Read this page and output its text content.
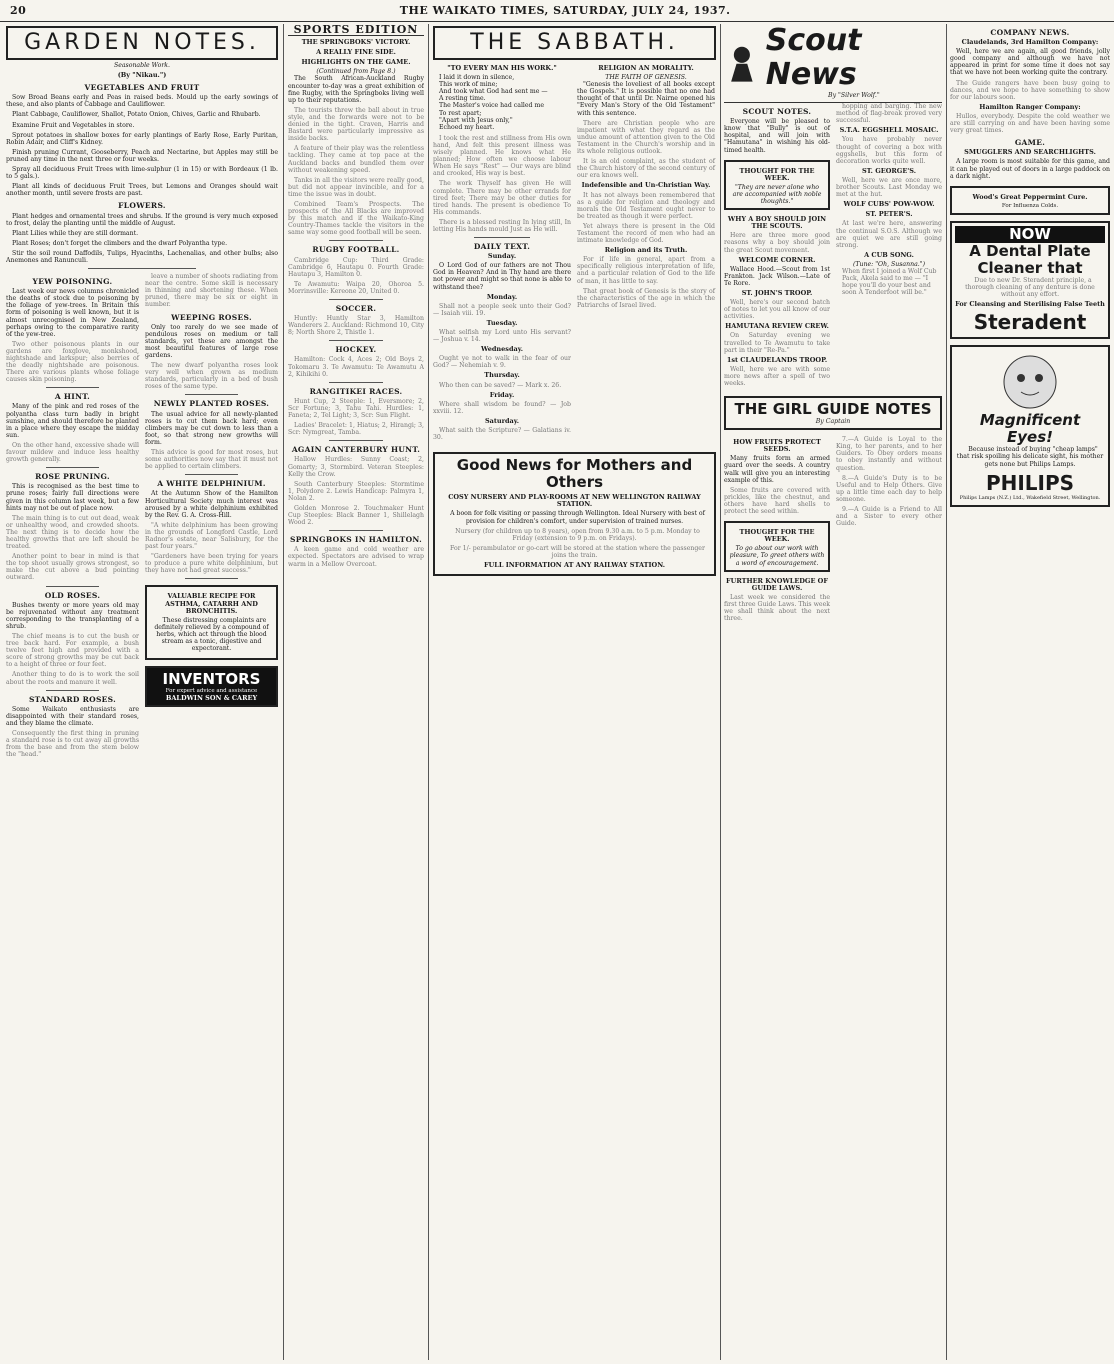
20	THE WAIKATO TIMES, SATURDAY, JULY 24, 1937.
GARDEN NOTES.
Seasonable Work.
(By "Nikau.")
VEGETABLES AND FRUIT

Sow Broad Beans early and Peas in raised beds. Mould up the early sowings of these, and also plants of Cabbage and Cauliflower.

Plant Cabbage, Cauliflower, Shallot, Potato Onion, Chives, Garlic and Rhubarb.

Examine Fruit and Vegetables in store.

Sprout potatoes in shallow boxes for early plantings of Early Rose, Early Puritan, Robin Adair, and Cliff's Kidney.

Finish pruning Currant, Gooseberry, Peach and Nectarine, but Apples may still be pruned any time in the next three or four weeks.

Spray all deciduous Fruit Trees with lime-sulphur (1 in 15) or with Bordeaux (1 lb. to 5 gals.).

Plant all kinds of deciduous Fruit Trees, but Lemons and Oranges should wait another month, until severe frosts are past.

FLOWERS.

Plant hedges and ornamental trees and shrubs. If the ground is very much exposed to frost, delay the planting until the middle of August.

Plant Lilies while they are still dormant.

Plant Roses; don't forget the climbers and the dwarf Polyantha type.

Stir the soil round Daffodils, Tulips, Hyacinths, Lachenalias, and other bulbs; also Anemones and Ranunculi.

YEW POISONING.

Last week our news columns chronicled the deaths of stock due to poisoning by the foliage of yew-trees. In Britain this form of poisoning is well known, but it is almost unrecognised in New Zealand, perhaps owing to the comparative rarity of the yew-tree.

Two other poisonous plants in our gardens are foxglove, monkshood, nightshade and larkspur; also berries of the deadly nightshade are poisonous. There are various plants whose foliage causes skin poisoning.

A HINT.

Many of the pink and red roses of the polyantha class turn badly in bright sunshine, and should therefore be planted in a place where they escape the midday sun.

On the other hand, excessive shade will favour mildew and induce less healthy growth generally.

ROSE PRUNING.

This is recognised as the best time to prune roses; fairly full directions were given in this column last week, but a few hints may not be out of place now.

The main thing is to cut out dead, weak or unhealthy wood, and crowded shoots. The next thing is to decide how the healthy growths that are left should be treated.

Another point to bear in mind is that the top shoot usually grows strongest, so make the cut above a bud pointing outward.

OLD ROSES.

Bushes twenty or more years old may be rejuvenated without any treatment corresponding to the transplanting of a shrub.

The chief means is to cut the bush or tree back hard. For example, a bush twelve feet high and provided with a score of strong growths may be cut back to a height of three or four feet.

Another thing to do is to work the soil about the roots and manure it well.

STANDARD ROSES.

Some Waikato enthusiasts are disappointed with their standard roses, and they blame the climate.

Consequently the first thing in pruning a standard rose is to cut away all growths from the base and from the stem below the "head."

leave a number of shoots radiating from near the centre. Some skill is necessary in thinning and shortening these. When pruned, there may be six or eight in number.

WEEPING ROSES.

Only too rarely do we see made of pendulous roses on medium or tall standards, yet these are amongst the most beautiful features of large rose gardens.

The new dwarf polyantha roses look very well when grown as medium standards, particularly in a bed of bush roses of the same type.

NEWLY PLANTED ROSES.

The usual advice for all newly-planted roses is to cut them back hard; even climbers may be cut down to less than a foot, so that strong new growths will form.

This advice is good for most roses, but some authorities now say that it must not be applied to certain climbers.

A WHITE DELPHINIUM.

At the Autumn Show of the Hamilton Horticultural Society much interest was aroused by a white delphinium exhibited by the Rev. G. A. Cross-Hill.

"A white delphinium has been growing in the grounds of Longford Castle, Lord Radnor's estate, near Salisbury, for the past four years."

"Gardeners have been trying for years to produce a pure white delphinium, but they have not had great success."

VALUABLE RECIPE FOR ASTHMA, CATARRH AND BRONCHITIS.

These distressing complaints are definitely relieved by a compound of herbs, which act through the blood stream as a tonic, digestive and expectorant.

INVENTORS
For expert advice and assistance
BALDWIN SON & CAREY
SPORTS EDITION
THE SPRINGBOKS' VICTORY.
A REALLY FINE SIDE.
HIGHLIGHTS ON THE GAME.
(Continued from Page 8.)

The South African-Auckland Rugby encounter to-day was a great exhibition of fine Rugby, with the Springboks living well up to their reputations.

The tourists threw the ball about in true style, and the forwards were not to be denied in the tight. Craven, Harris and Bastard were particularly impressive as inside backs.

A feature of their play was the relentless tackling. They came at top pace at the Auckland backs and bundled them over without weakening speed.

Tanks in all the visitors were really good, but did not appear invincible, and for a time the issue was in doubt.

Combined Team's Prospects. The prospects of the All Blacks are improved by this match and if the Waikato-King Country-Thames tackle the visitors in the same way some good football will be seen.

RUGBY FOOTBALL.

Cambridge Cup: Third Grade: Cambridge 6, Hautapu 0. Fourth Grade: Hautapu 3, Hamilton 0.

Te Awamutu: Waipa 20, Ohoroa 5. Morrinsville: Kereone 20, United 0.

SOCCER.

Huntly: Huntly Star 3, Hamilton Wanderers 2. Auckland: Richmond 10, City 8; North Shore 2, Thistle 1.

HOCKEY.

Hamilton: Cock 4, Aces 2; Old Boys 2, Tokomaru 3. Te Awamutu: Te Awamutu A 2, Kihikihi 0.

RANGITIKEI RACES.

Hunt Cup, 2 Steeple: 1, Eversmore; 2, Scr Fortune; 3, Tahu Tahi. Hurdles: 1, Faneta; 2, Tel Light; 3, Scr: Sun Flight.

Ladies' Bracelet: 1, Hiatus; 2, Hirangi; 3, Scr: Nymgreat, Tamba.

AGAIN CANTERBURY HUNT.

Hallow Hurdles: Sunny Coast; 2, Gomarty; 3, Stormbird. Veteran Steeples: Kelly the Crow.

South Canterbury Steeples: Stormtime 1, Polydore 2. Lewis Handicap: Palmyra 1, Nolan 2.

Golden Monrose 2. Touchmaker Hunt Cup Steeples: Black Banner 1, Shillelagh Wood 2.

SPRINGBOKS IN HAMILTON.

A keen game and cold weather are expected. Spectators are advised to wrap warm in a Mellow Overcoat.

THE SABBATH.
"TO EVERY MAN HIS WORK."
I laid it down in silence,
This work of mine;
And took what God had sent me —
A resting time.
The Master's voice had called me
To rest apart;
"Apart with Jesus only,"
Echoed my heart.

I took the rest and stillness from His own hand, And felt this present illness was wisely planned. He knows what He planned; How often we choose labour When He says "Rest" — Our ways are blind and crooked, His way is best.

The work Thyself has given He will complete. There may be other errands for tired feet; There may be other duties for tired hands. The present is obedience To His commands.

There is a blessed resting In lying still, In letting His hands mould Just as He will.

DAILY TEXT.
Sunday.

O Lord God of our fathers are not Thou God in Heaven? And in Thy hand are there not power and might so that none is able to withstand thee?

Monday.

Shall not a people seek unto their God? — Isaiah viii. 19.

Tuesday.

What selfish my Lord unto His servant? — Joshua v. 14.

Wednesday.

Ought ye not to walk in the fear of our God? — Nehemiah v. 9.

Thursday.

Who then can be saved? — Mark x. 26.

Friday.

Where shall wisdom be found? — Job xxviii. 12.

Saturday.

What saith the Scripture? — Galatians iv. 30.

RELIGION AN MORALITY.
THE FAITH OF GENESIS.

"Genesis the loveliest of all books except the Gospels." It is possible that no one had thought of that until Dr. Nairne opened his "Every Man's Story of the Old Testament" with this sentence.

There are Christian people who are impatient with what they regard as the undue amount of attention given to the Old Testament in the Church's worship and in its whole religious outlook.

It is an old complaint, as the student of the Church history of the second century of our era knows well.

Indefensible and Un-Christian Way.

It has not always been remembered that as a guide for religion and theology and morals the Old Testament ought never to be treated as though it were perfect.

Yet always there is present in the Old Testament the record of men who had an intimate knowledge of God.

Religion and its Truth.

For if life in general, apart from a specifically religious interpretation of life, and a particular relation of God to the life of man, it has little to say.

That great book of Genesis is the story of the characteristics of the age in which the Patriarchs of Israel lived.

Good News for Mothers and Others
COSY NURSERY AND PLAY-ROOMS AT NEW WELLINGTON RAILWAY STATION.

A boon for folk visiting or passing through Wellington. Ideal Nursery with best of provision for children's comfort, under supervision of trained nurses.

Nursery (for children up to 8 years), open from 9.30 a.m. to 5 p.m. Monday to Friday (extension to 9 p.m. on Fridays).

For 1/- perambulator or go-cart will be stored at the station where the passenger joins the train.

FULL INFORMATION AT ANY RAILWAY STATION.
Scout News
By "Silver Wolf."
SCOUT NOTES.

Everyone will be pleased to know that "Bully" is out of hospital, and will join with "Hamutana" in wishing his old-timed health.

THOUGHT FOR THE WEEK.
"They are never alone who are accompanied with noble thoughts."
WHY A BOY SHOULD JOIN THE SCOUTS.

Here are three more good reasons why a boy should join the great Scout movement.

WELCOME CORNER.

Wallace Hood.—Scout from 1st Frankton. Jack Wilson.—Late of Te Rore.

ST. JOHN'S TROOP.

Well, here's our second batch of notes to let you all know of our activities.

HAMUTANA REVIEW CREW.

On Saturday evening we travelled to Te Awamutu to take part in their "Re-Pa."

1st CLAUDELANDS TROOP.

Well, here we are with some more news after a spell of two weeks.

hopping and barging. The new method of flag-break proved very successful.

S.T.A. EGGSHELL MOSAIC.

You have probably never thought of covering a box with eggshells, but this form of decoration works quite well.

ST. GEORGE'S.

Well, here we are once more, brother Scouts. Last Monday we met at the hut.

WOLF CUBS' POW-WOW.
ST. PETER'S.

At last we're here, answering the continual S.O.S. Although we are quiet we are still going strong.

A CUB SONG.
(Tune: "Oh, Susanna.")

When first I joined a Wolf Cub Pack, Akela said to me — "I hope you'll do your best and soon A Tenderfoot will be."

THE GIRL GUIDE NOTES
By Captain
HOW FRUITS PROTECT SEEDS.

Many fruits form an armed guard over the seeds. A country walk will give you an interesting example of this.

Some fruits are covered with prickles, like the chestnut, and others have hard shells to protect the seed within.

THOUGHT FOR THE WEEK.
To go about our work with pleasure, To greet others with a word of encouragement.
FURTHER KNOWLEDGE OF GUIDE LAWS.

Last week we considered the first three Guide Laws. This week we shall think about the next three.

7.—A Guide is Loyal to the King, to her parents, and to her Guiders. To Obey orders means to obey instantly and without question.

8.—A Guide's Duty is to be Useful and to Help Others. Give up a little time each day to help someone.

9.—A Guide is a Friend to All and a Sister to every other Guide.

COMPANY NEWS.
Claudelands, 3rd Hamilton Company:

Well, here we are again, all good friends, jolly good company and although we have not appeared in print for some time it does not say that we have not been working quite the contrary.

The Guide rangers have been busy going to dances, and we hope to have something to show for our labours soon.

Hamilton Ranger Company:

Hullos, everybody. Despite the cold weather we are still carrying on and have been having some very great times.

GAME.
SMUGGLERS AND SEARCHLIGHTS.

A large room is most suitable for this game, and it can be played out of doors in a large paddock on a dark night.

Wood's Great Peppermint Cure.
For Influenza Colds.
NOW
A Dental Plate
Cleaner that

Due to new Dr. Steradent principle, a thorough cleaning of any denture is done without any effort.

For Cleansing and Sterilising False Teeth
Steradent
Magnificent
Eyes!

Because instead of buying "cheap lamps" that risk spoiling his delicate sight, his mother gets none but Philips Lamps.

PHILIPS
Philips Lamps (N.Z.) Ltd., Wakefield Street, Wellington.
